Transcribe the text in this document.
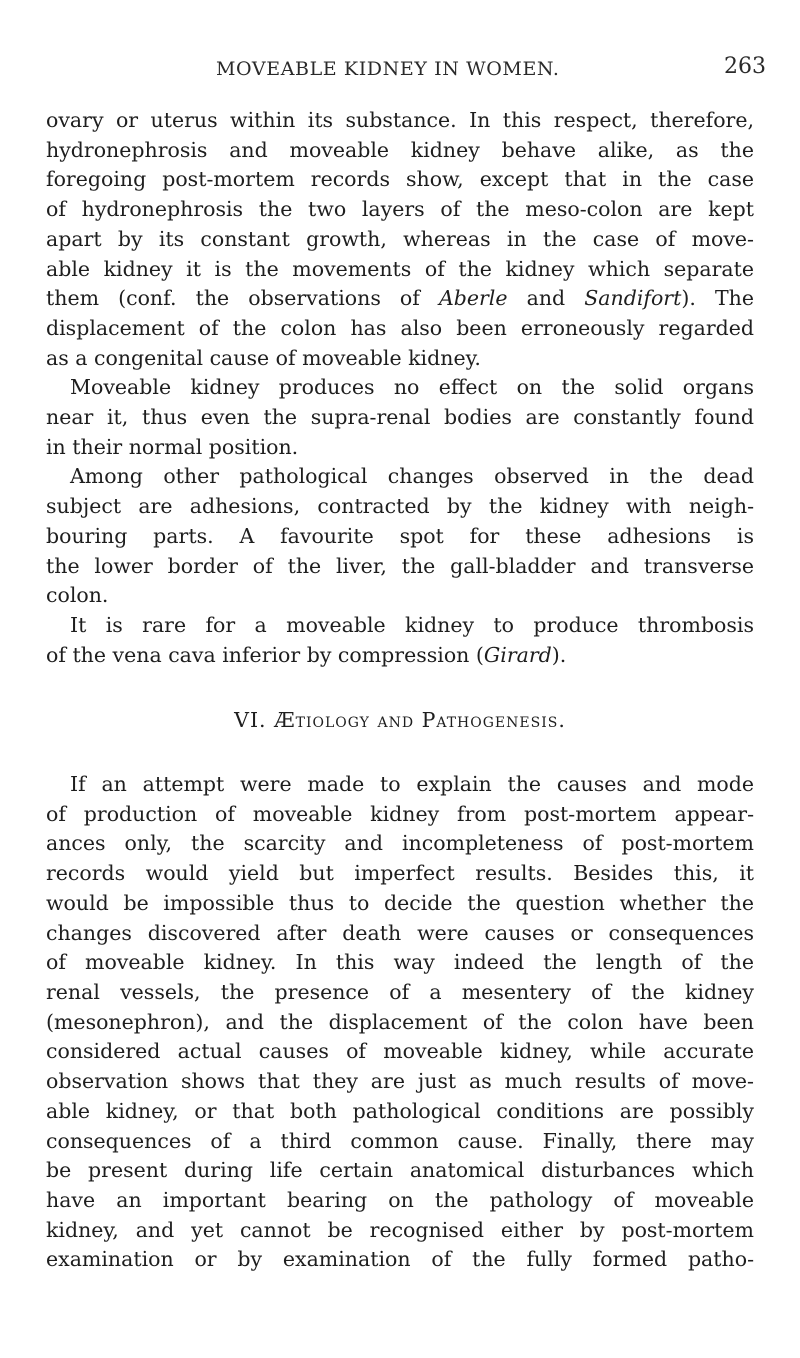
MOVEABLE KIDNEY IN WOMEN.	263
ovary or uterus within its substance. In this respect, therefore,
hydronephrosis and moveable kidney behave alike, as the
foregoing post-mortem records show, except that in the case
of hydronephrosis the two layers of the meso-colon are kept
apart by its constant growth, whereas in the case of move-
able kidney it is the movements of the kidney which separate
them (conf. the observations of Aberle and Sandifort). The
displacement of the colon has also been erroneously regarded
as a congenital cause of moveable kidney.
Moveable kidney produces no effect on the solid organs
near it, thus even the supra-renal bodies are constantly found
in their normal position.
Among other pathological changes observed in the dead
subject are adhesions, contracted by the kidney with neigh-
bouring parts. A favourite spot for these adhesions is
the lower border of the liver, the gall-bladder and transverse
colon.
It is rare for a moveable kidney to produce thrombosis
of the vena cava inferior by compression (Girard).
VI. Ætiology and Pathogenesis.
If an attempt were made to explain the causes and mode
of production of moveable kidney from post-mortem appear-
ances only, the scarcity and incompleteness of post-mortem
records would yield but imperfect results. Besides this, it
would be impossible thus to decide the question whether the
changes discovered after death were causes or consequences
of moveable kidney. In this way indeed the length of the
renal vessels, the presence of a mesentery of the kidney
(mesonephron), and the displacement of the colon have been
considered actual causes of moveable kidney, while accurate
observation shows that they are just as much results of move-
able kidney, or that both pathological conditions are possibly
consequences of a third common cause. Finally, there may
be present during life certain anatomical disturbances which
have an important bearing on the pathology of moveable
kidney, and yet cannot be recognised either by post-mortem
examination or by examination of the fully formed patho-
